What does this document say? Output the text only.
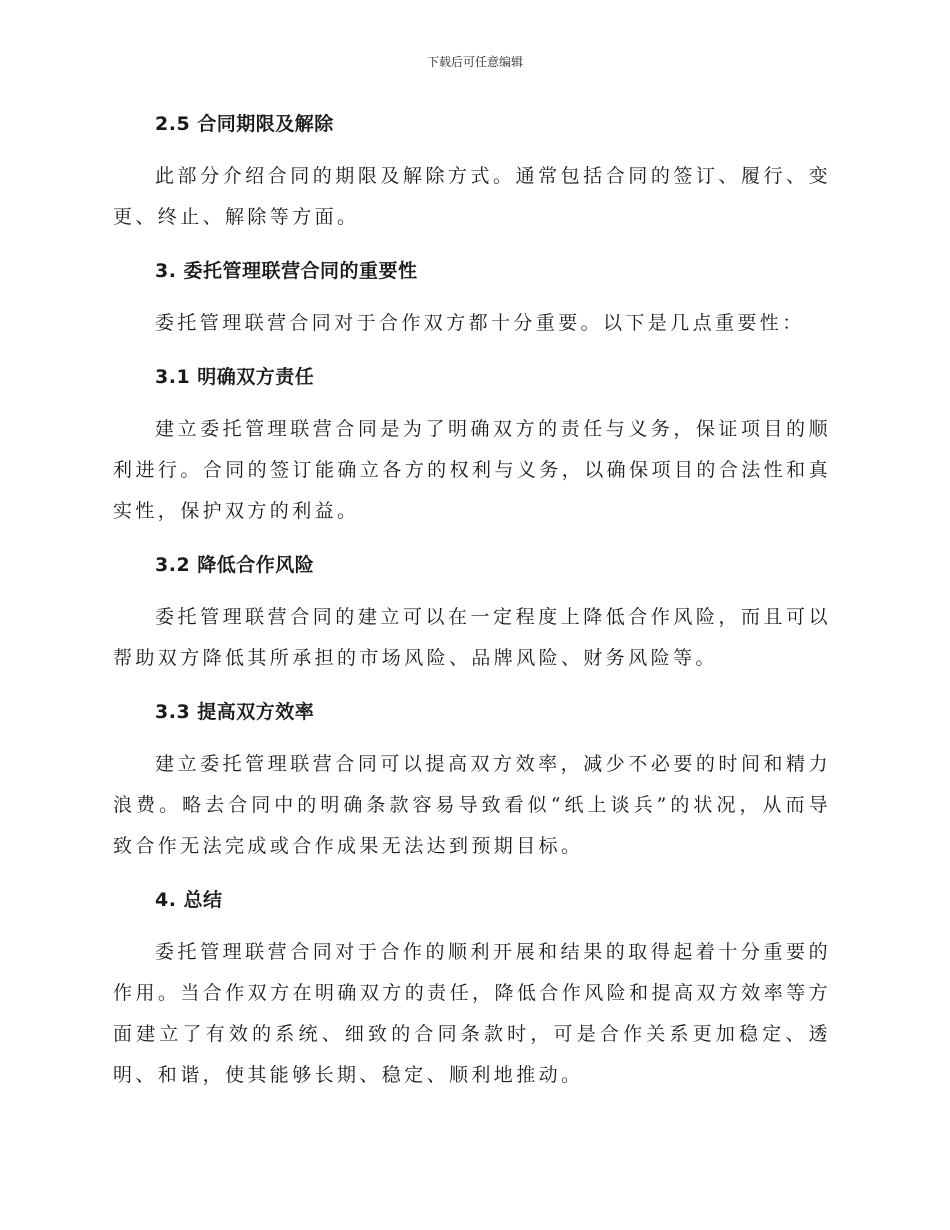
下载后可任意编辑
2.5 合同期限及解除

此部分介绍合同的期限及解除方式。通常包括合同的签订、履行、变更、终止、解除等方面。

3. 委托管理联营合同的重要性

委托管理联营合同对于合作双方都十分重要。以下是几点重要性：

3.1 明确双方责任

建立委托管理联营合同是为了明确双方的责任与义务，保证项目的顺利进行。合同的签订能确立各方的权利与义务，以确保项目的合法性和真实性，保护双方的利益。

3.2 降低合作风险

委托管理联营合同的建立可以在一定程度上降低合作风险，而且可以帮助双方降低其所承担的市场风险、品牌风险、财务风险等。

3.3 提高双方效率

建立委托管理联营合同可以提高双方效率，减少不必要的时间和精力浪费。略去合同中的明确条款容易导致看似“纸上谈兵”的状况，从而导致合作无法完成或合作成果无法达到预期目标。

4. 总结

委托管理联营合同对于合作的顺利开展和结果的取得起着十分重要的作用。当合作双方在明确双方的责任，降低合作风险和提高双方效率等方面建立了有效的系统、细致的合同条款时，可是合作关系更加稳定、透明、和谐，使其能够长期、稳定、顺利地推动。
